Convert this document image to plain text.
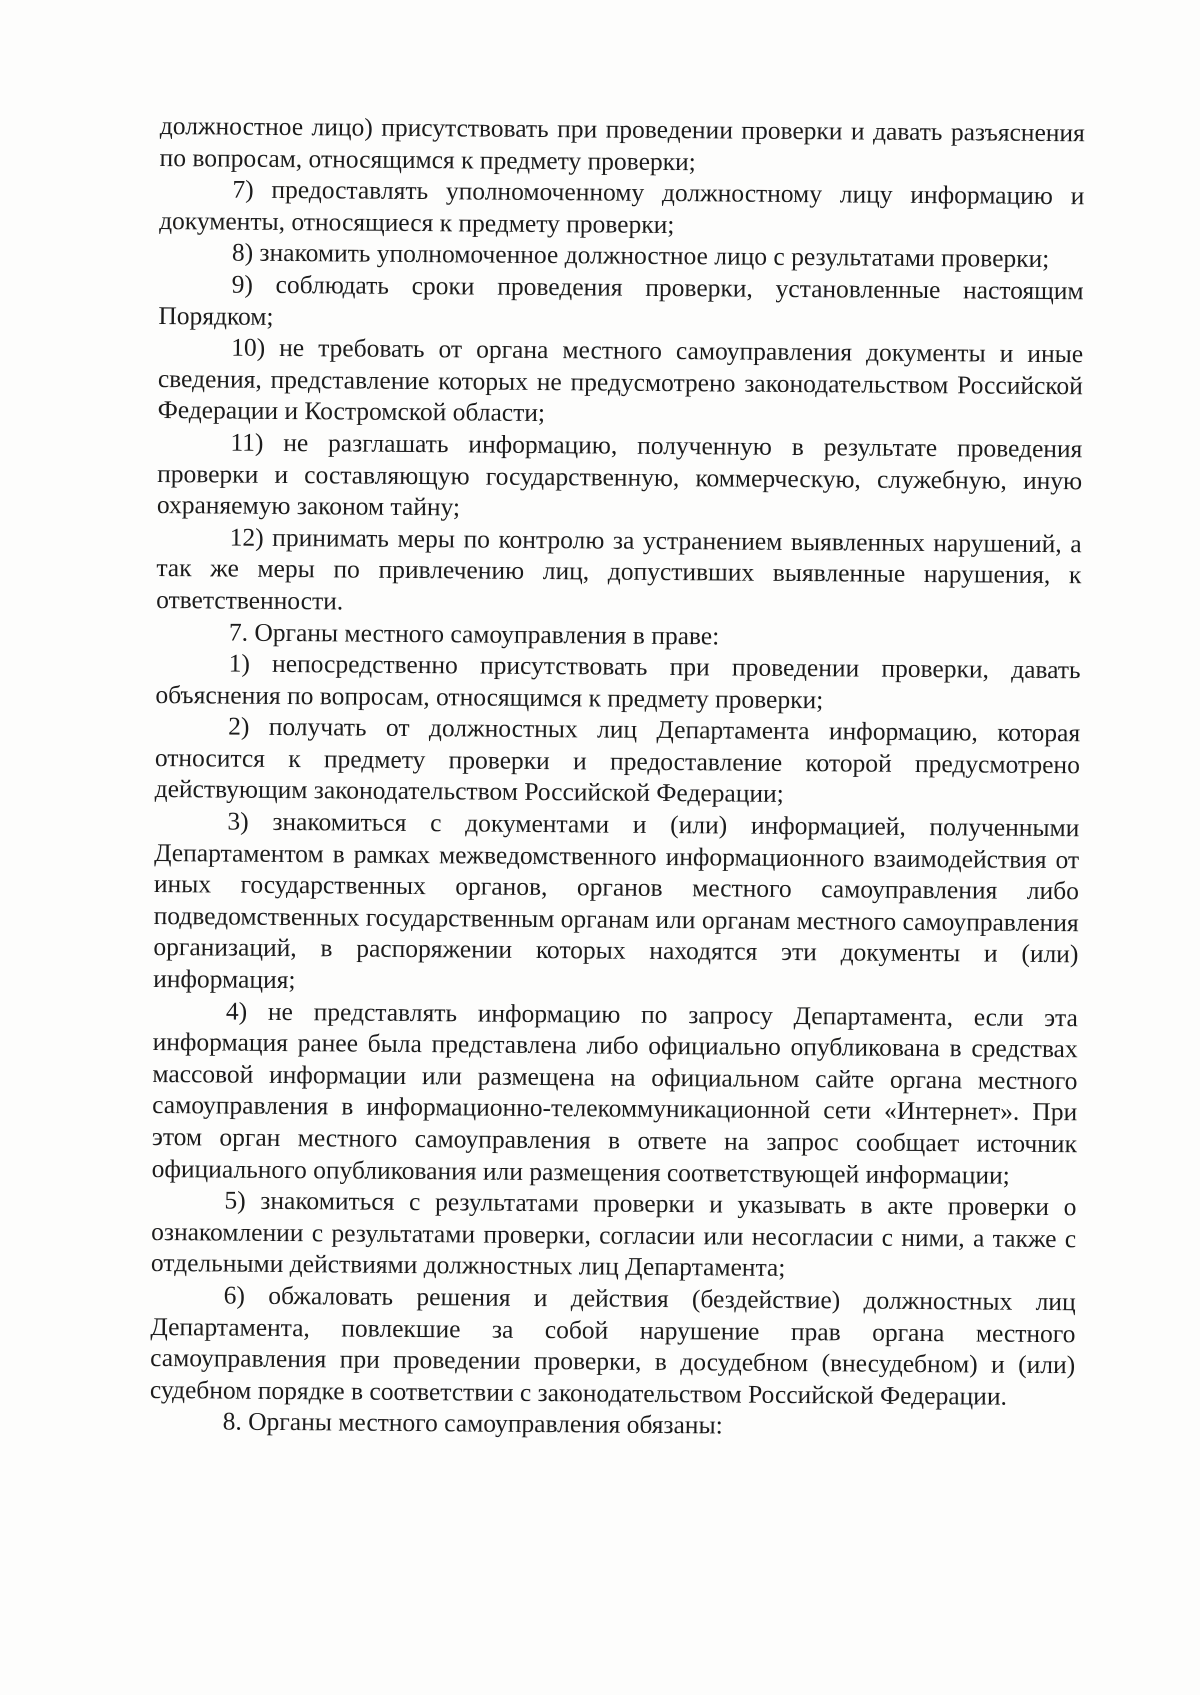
должностное лицо) присутствовать при проведении проверки и давать разъяснения по вопросам, относящимся к предмету проверки;

7) предоставлять уполномоченному должностному лицу информацию и документы, относящиеся к предмету проверки;

8) знакомить уполномоченное должностное лицо с результатами проверки;

9) соблюдать сроки проведения проверки, установленные настоящим Порядком;

10) не требовать от органа местного самоуправления документы и иные сведения, представление которых не предусмотрено законодательством Российской Федерации и Костромской области;

11) не разглашать информацию, полученную в результате проведения проверки и составляющую государственную, коммерческую, служебную, иную охраняемую законом тайну;

12) принимать меры по контролю за устранением выявленных нарушений, а так же меры по привлечению лиц, допустивших выявленные нарушения, к ответственности.

7. Органы местного самоуправления в праве:

1) непосредственно присутствовать при проведении проверки, давать объяснения по вопросам, относящимся к предмету проверки;

2) получать от должностных лиц Департамента информацию, которая относится к предмету проверки и предоставление которой предусмотрено действующим законодательством Российской Федерации;

3) знакомиться с документами и (или) информацией, полученными Департаментом в рамках межведомственного информационного взаимодействия от иных государственных органов, органов местного самоуправления либо подведомственных государственным органам или органам местного самоуправления организаций, в распоряжении которых находятся эти документы и (или) информация;

4) не представлять информацию по запросу Департамента, если эта информация ранее была представлена либо официально опубликована в средствах массовой информации или размещена на официальном сайте органа местного самоуправления в информационно-телекоммуникационной сети «Интернет». При этом орган местного самоуправления в ответе на запрос сообщает источник официального опубликования или размещения соответствующей информации;

5) знакомиться с результатами проверки и указывать в акте проверки о ознакомлении с результатами проверки, согласии или несогласии с ними, а также с отдельными действиями должностных лиц Департамента;

6) обжаловать решения и действия (бездействие) должностных лиц Департамента, повлекшие за собой нарушение прав органа местного самоуправления при проведении проверки, в досудебном (внесудебном) и (или) судебном порядке в соответствии с законодательством Российской Федерации.

8. Органы местного самоуправления обязаны:
